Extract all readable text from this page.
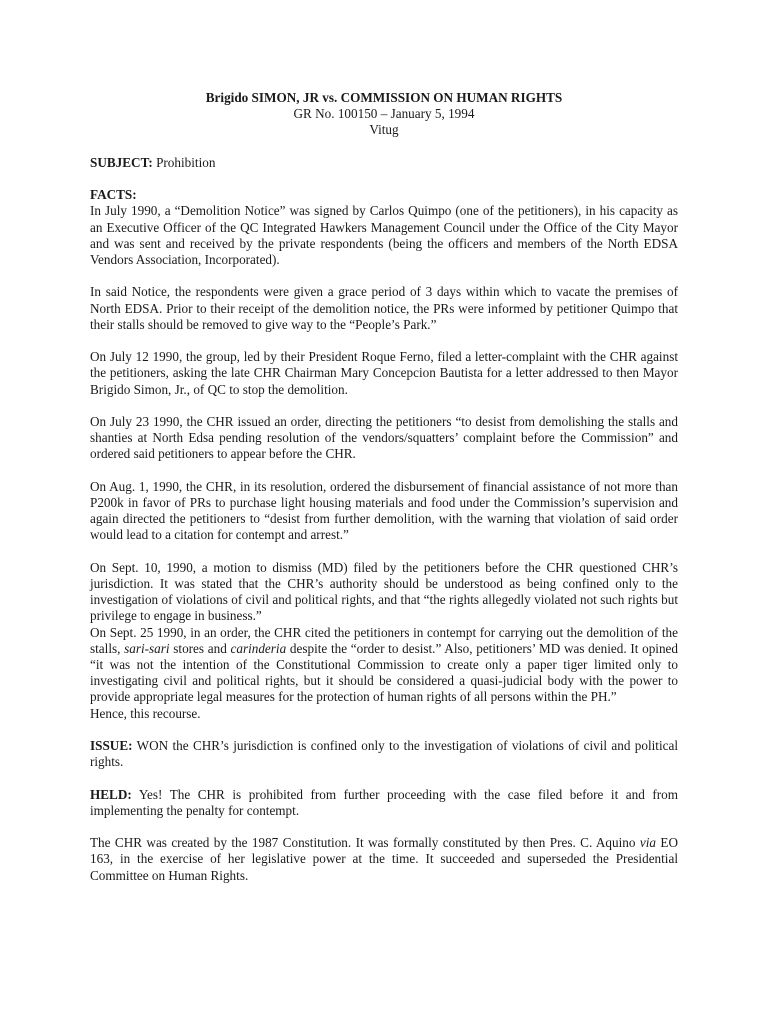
Brigido SIMON, JR vs. COMMISSION ON HUMAN RIGHTS
GR No. 100150 – January 5, 1994
Vitug

SUBJECT: Prohibition

FACTS:

In July 1990, a “Demolition Notice” was signed by Carlos Quimpo (one of the petitioners), in his capacity as an Executive Officer of the QC Integrated Hawkers Management Council under the Office of the City Mayor and was sent and received by the private respondents (being the officers and members of the North EDSA Vendors Association, Incorporated).

In said Notice, the respondents were given a grace period of 3 days within which to vacate the premises of North EDSA. Prior to their receipt of the demolition notice, the PRs were informed by petitioner Quimpo that their stalls should be removed to give way to the “People’s Park.”

On July 12 1990, the group, led by their President Roque Ferno, filed a letter-complaint with the CHR against the petitioners, asking the late CHR Chairman Mary Concepcion Bautista for a letter addressed to then Mayor Brigido Simon, Jr., of QC to stop the demolition.

On July 23 1990, the CHR issued an order, directing the petitioners “to desist from demolishing the stalls and shanties at North Edsa pending resolution of the vendors/squatters’ complaint before the Commission” and ordered said petitioners to appear before the CHR.

On Aug. 1, 1990, the CHR, in its resolution, ordered the disbursement of financial assistance of not more than P200k in favor of PRs to purchase light housing materials and food under the Commission’s supervision and again directed the petitioners to “desist from further demolition, with the warning that violation of said order would lead to a citation for contempt and arrest.”

On Sept. 10, 1990, a motion to dismiss (MD) filed by the petitioners before the CHR questioned CHR’s jurisdiction. It was stated that the CHR’s authority should be understood as being confined only to the investigation of violations of civil and political rights, and that “the rights allegedly violated not such rights but privilege to engage in business.”

On Sept. 25 1990, in an order, the CHR cited the petitioners in contempt for carrying out the demolition of the stalls, sari-sari stores and carinderia despite the “order to desist.” Also, petitioners’ MD was denied. It opined “it was not the intention of the Constitutional Commission to create only a paper tiger limited only to investigating civil and political rights, but it should be considered a quasi-judicial body with the power to provide appropriate legal measures for the protection of human rights of all persons within the PH.”

Hence, this recourse.

ISSUE: WON the CHR’s jurisdiction is confined only to the investigation of violations of civil and political rights.

HELD: Yes! The CHR is prohibited from further proceeding with the case filed before it and from implementing the penalty for contempt.

The CHR was created by the 1987 Constitution. It was formally constituted by then Pres. C. Aquino via EO 163, in the exercise of her legislative power at the time. It succeeded and superseded the Presidential Committee on Human Rights.
